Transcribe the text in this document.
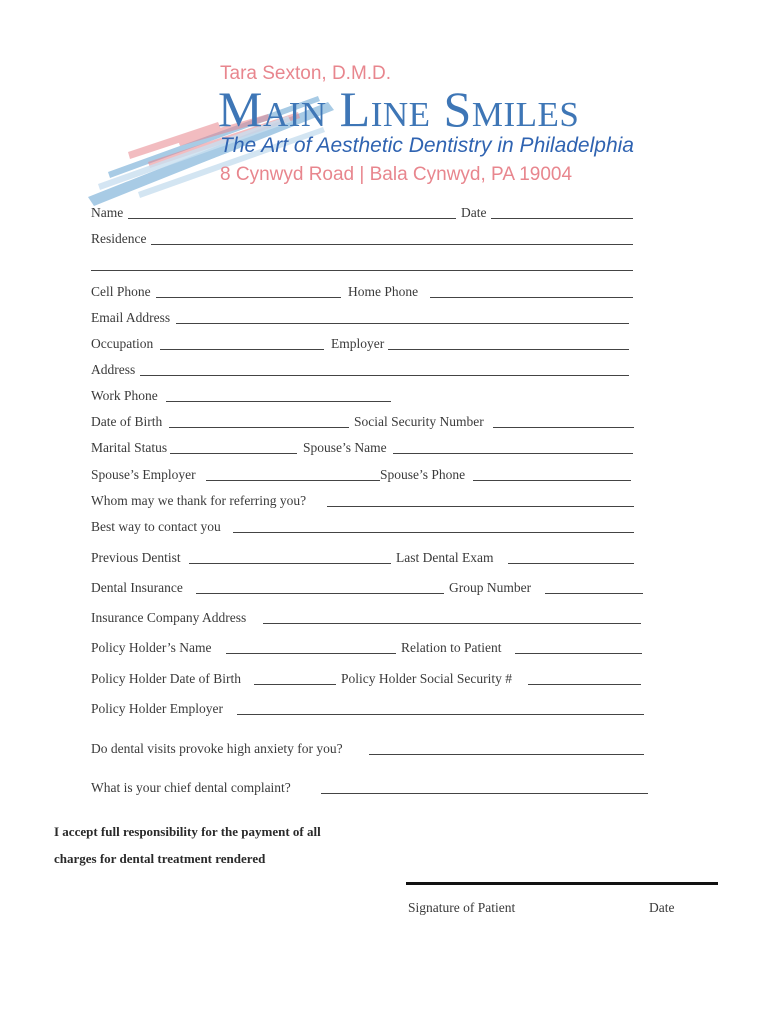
Tara Sexton, D.M.D.
Main Line Smiles
The Art of Aesthetic Dentistry in Philadelphia
8 Cynwyd Road | Bala Cynwyd, PA 19004
Name	Date
Residence
Cell Phone	Home Phone
Email Address
Occupation	Employer
Address
Work Phone
Date of Birth	Social Security Number
Marital Status	Spouse’s Name
Spouse’s Employer	Spouse’s Phone
Whom may we thank for referring you?
Best way to contact you
Previous Dentist	Last Dental Exam
Dental Insurance	Group Number
Insurance Company Address
Policy Holder’s Name	Relation to Patient
Policy Holder Date of Birth	Policy Holder Social Security #
Policy Holder Employer
Do dental visits provoke high anxiety for you?
What is your chief dental complaint?
I accept full responsibility for the payment of all
charges for dental treatment rendered
Signature of Patient	Date
